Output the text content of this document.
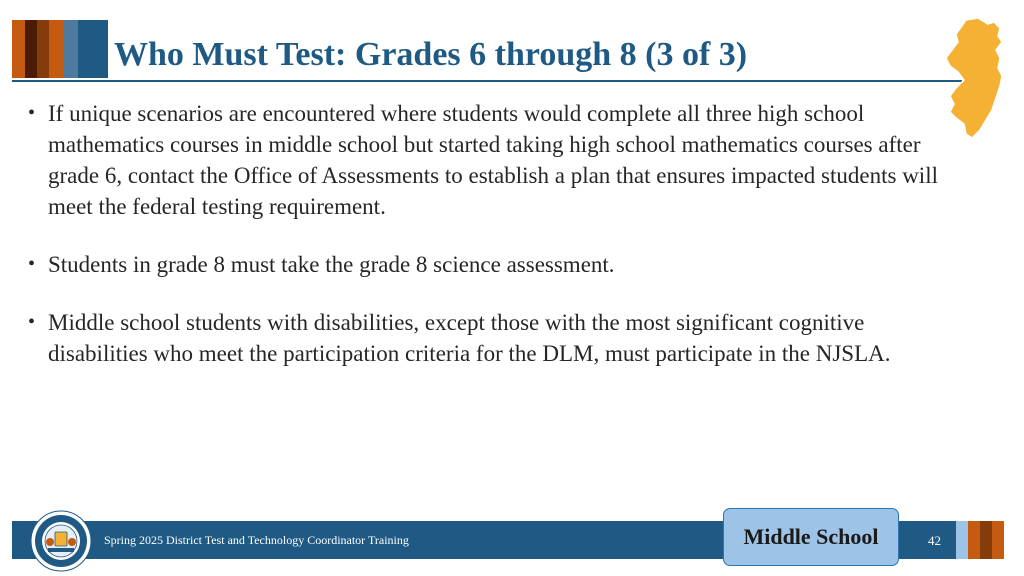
Who Must Test: Grades 6 through 8 (3 of 3)
• If unique scenarios are encountered where students would complete all three high school mathematics courses in middle school but started taking high school mathematics courses after grade 6, contact the Office of Assessments to establish a plan that ensures impacted students will meet the federal testing requirement.
• Students in grade 8 must take the grade 8 science assessment.
• Middle school students with disabilities, except those with the most significant cognitive disabilities who meet the participation criteria for the DLM, must participate in the NJSLA.
Spring 2025 District Test and Technology Coordinator Training	Middle School	42
